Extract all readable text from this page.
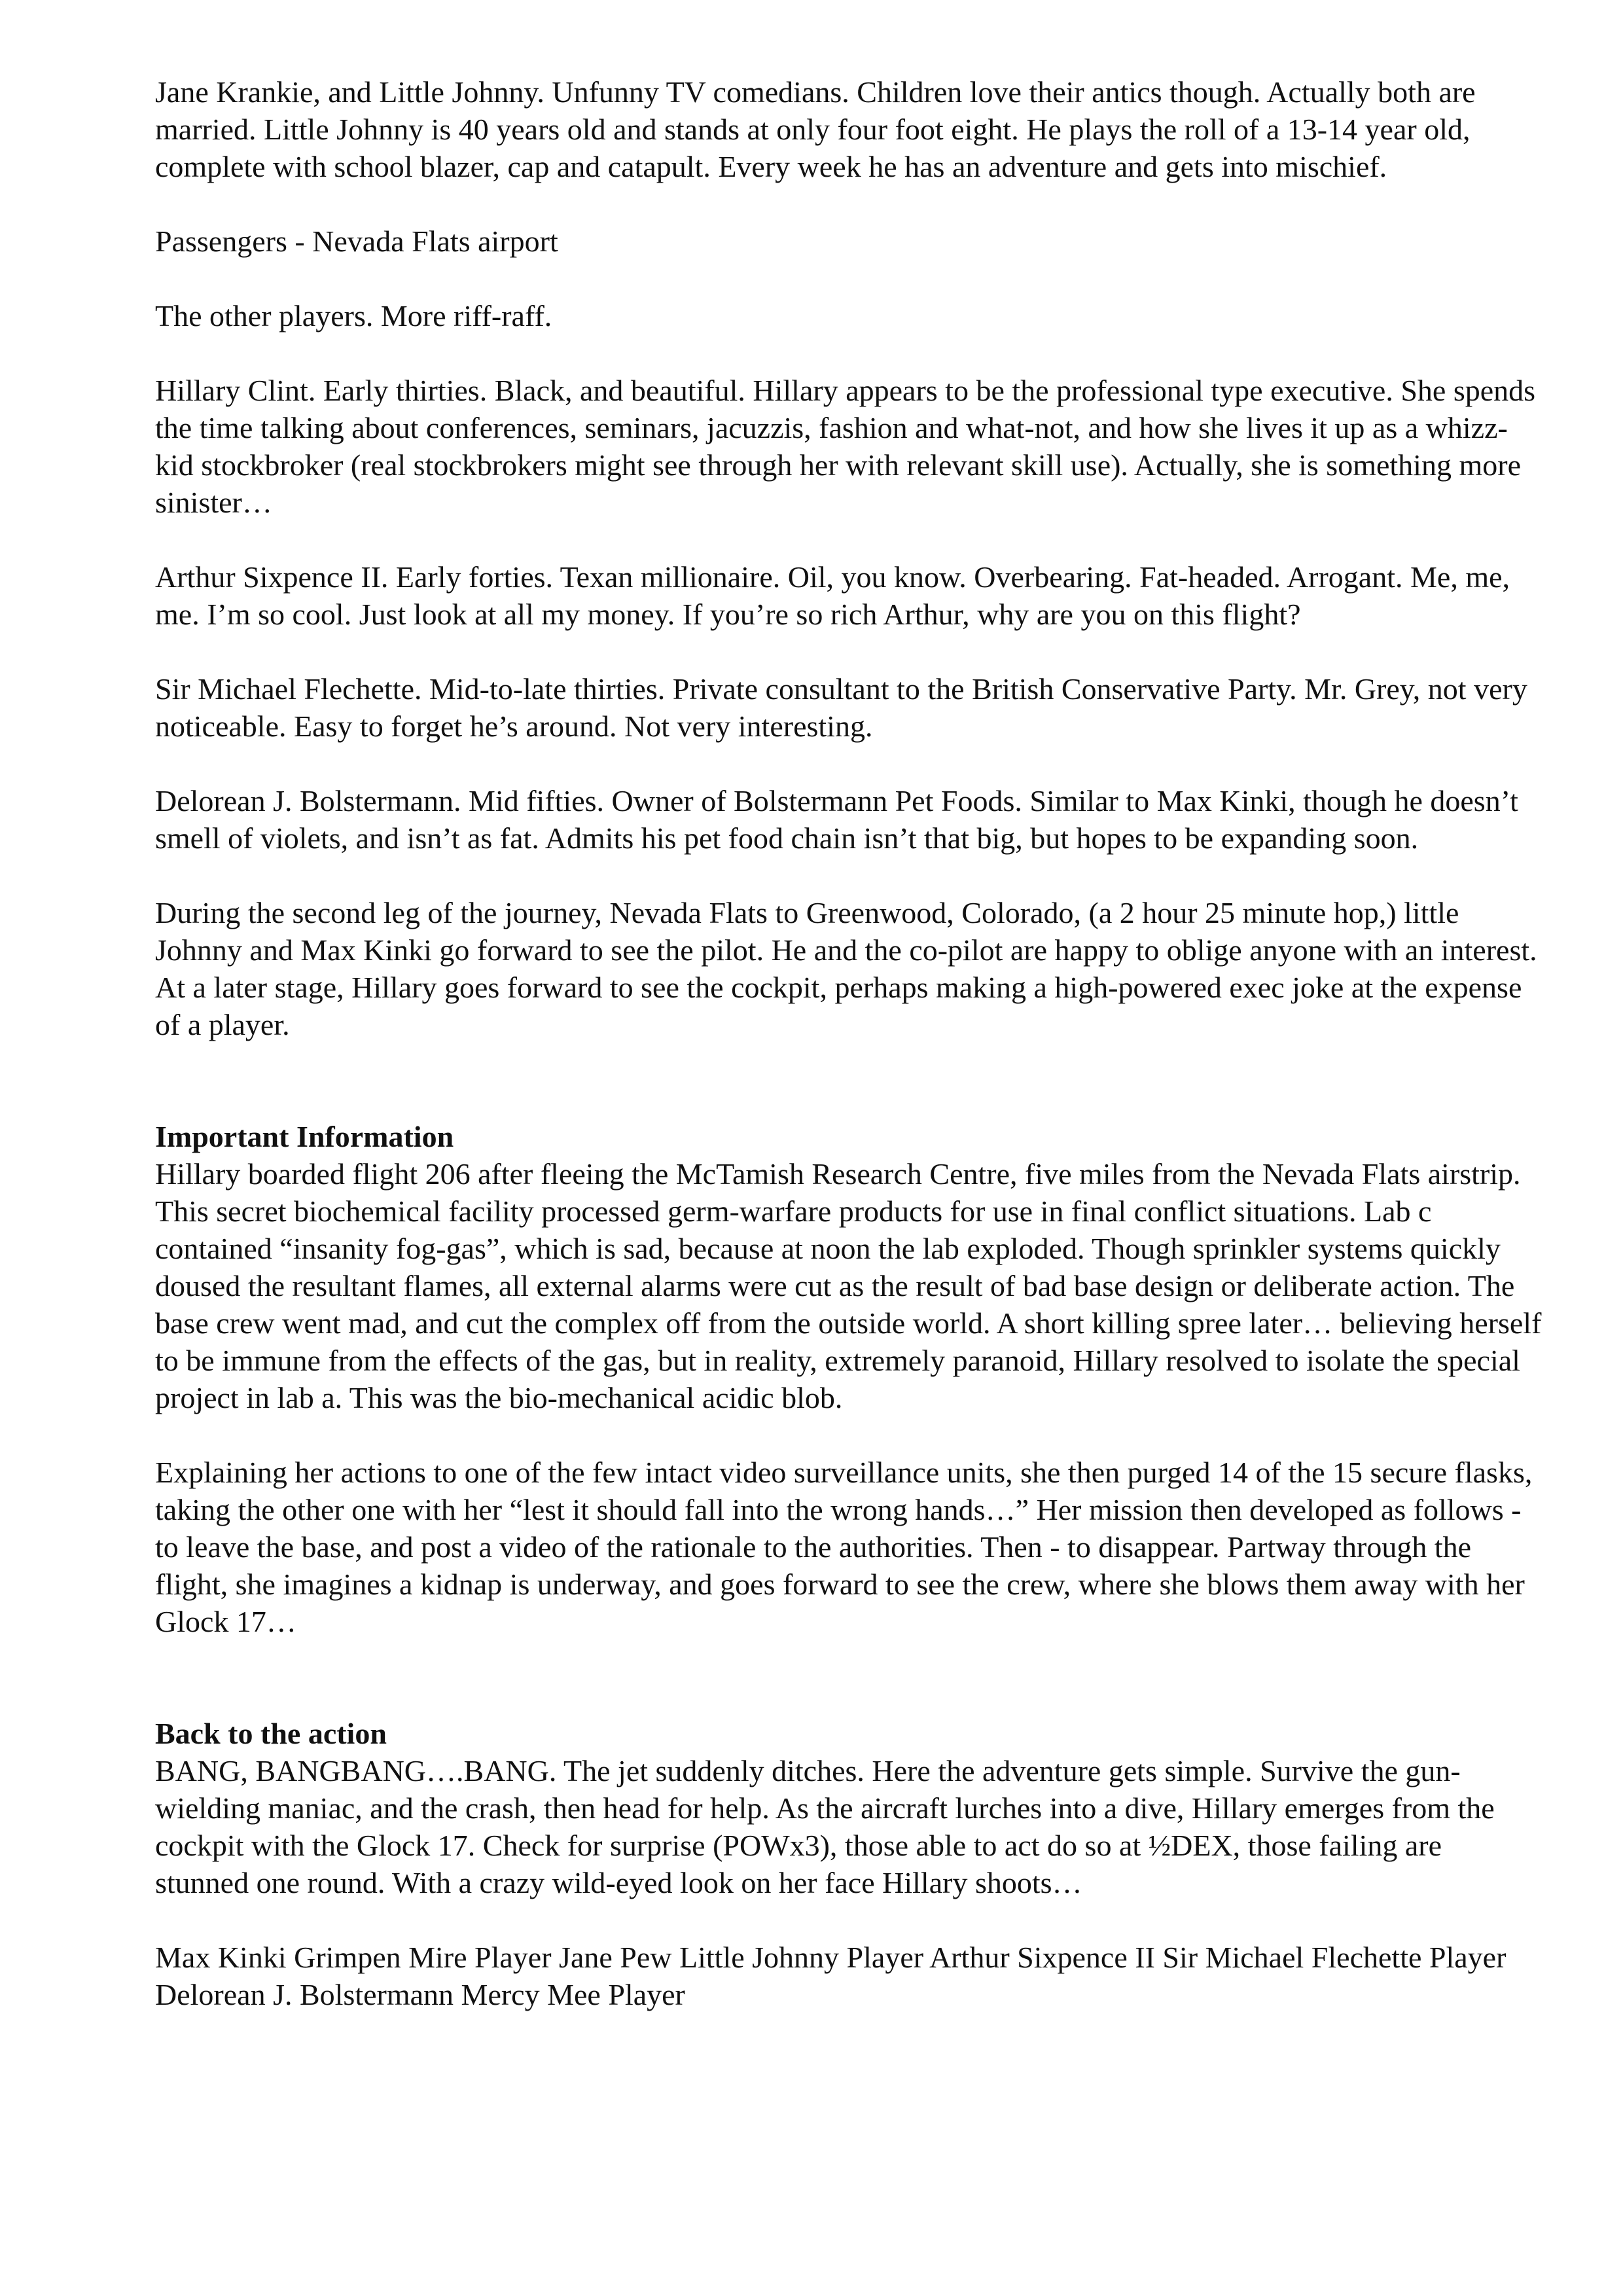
Jane Krankie, and Little Johnny. Unfunny TV comedians. Children love their antics though. Actually both are married. Little Johnny is 40 years old and stands at only four foot eight. He plays the roll of a 13-14 year old, complete with school blazer, cap and catapult. Every week he has an adventure and gets into mischief.

Passengers - Nevada Flats airport

The other players. More riff-raff.

Hillary Clint. Early thirties. Black, and beautiful. Hillary appears to be the professional type executive. She spends the time talking about conferences, seminars, jacuzzis, fashion and what-not, and how she lives it up as a whizz-kid stockbroker (real stockbrokers might see through her with relevant skill use). Actually, she is something more sinister…

Arthur Sixpence II. Early forties. Texan millionaire. Oil, you know. Overbearing. Fat-headed. Arrogant. Me, me, me. I’m so cool. Just look at all my money. If you’re so rich Arthur, why are you on this flight?

Sir Michael Flechette. Mid-to-late thirties. Private consultant to the British Conservative Party. Mr. Grey, not very noticeable. Easy to forget he’s around. Not very interesting.

Delorean J. Bolstermann. Mid fifties. Owner of Bolstermann Pet Foods. Similar to Max Kinki, though he doesn’t smell of violets, and isn’t as fat. Admits his pet food chain isn’t that big, but hopes to be expanding soon.

During the second leg of the journey, Nevada Flats to Greenwood, Colorado, (a 2 hour 25 minute hop,) little Johnny and Max Kinki go forward to see the pilot. He and the co-pilot are happy to oblige anyone with an interest. At a later stage, Hillary goes forward to see the cockpit, perhaps making a high-powered exec joke at the expense of a player.

Important Information

Hillary boarded flight 206 after fleeing the McTamish Research Centre, five miles from the Nevada Flats airstrip. This secret biochemical facility processed germ-warfare products for use in final conflict situations. Lab c contained “insanity fog-gas”, which is sad, because at noon the lab exploded. Though sprinkler systems quickly doused the resultant flames, all external alarms were cut as the result of bad base design or deliberate action. The base crew went mad, and cut the complex off from the outside world. A short killing spree later… believing herself to be immune from the effects of the gas, but in reality, extremely paranoid, Hillary resolved to isolate the special project in lab a. This was the bio-mechanical acidic blob.

Explaining her actions to one of the few intact video surveillance units, she then purged 14 of the 15 secure flasks, taking the other one with her “lest it should fall into the wrong hands…” Her mission then developed as follows - to leave the base, and post a video of the rationale to the authorities. Then - to disappear. Partway through the flight, she imagines a kidnap is underway, and goes forward to see the crew, where she blows them away with her Glock 17…

Back to the action

BANG, BANGBANG….BANG. The jet suddenly ditches. Here the adventure gets simple. Survive the gun-wielding maniac, and the crash, then head for help. As the aircraft lurches into a dive, Hillary emerges from the cockpit with the Glock 17. Check for surprise (POWx3), those able to act do so at ½DEX, those failing are stunned one round. With a crazy wild-eyed look on her face Hillary shoots…

Max Kinki Grimpen Mire Player Jane Pew Little Johnny Player Arthur Sixpence II Sir Michael Flechette Player Delorean J. Bolstermann Mercy Mee Player
